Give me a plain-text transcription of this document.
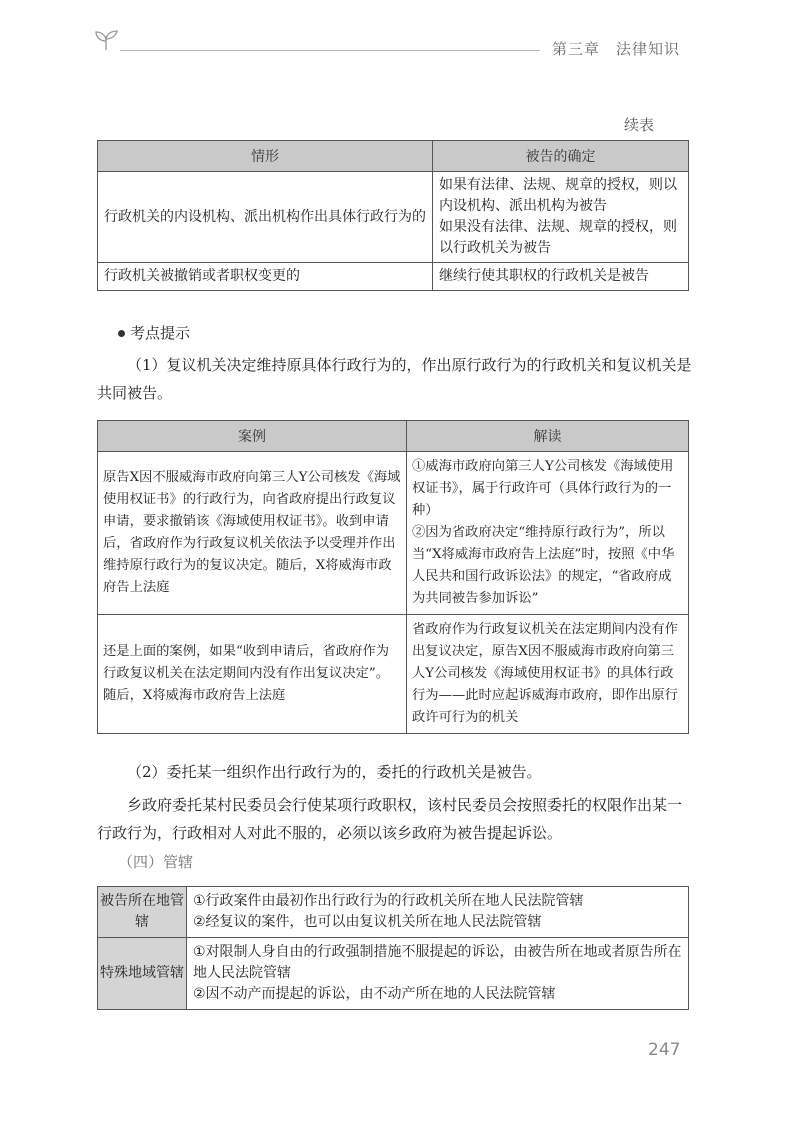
第三章 法律知识
续表
情形	被告的确定
行政机关的内设机构、派出机构作出具体行政行为的	如果有法律、法规、规章的授权，则以内设机构、派出机构为被告
如果没有法律、法规、规章的授权，则以行政机关为被告

行政机关被撤销或者职权变更的	继续行使其职权的行政机关是被告
考点提示
（1）复议机关决定维持原具体行政行为的，作出原行政行为的行政机关和复议机关是共同被告。
案例	解读
原告X因不服威海市政府向第三人Y公司核发《海域使用权证书》的行政行为，向省政府提出行政复议申请，要求撤销该《海域使用权证书》。收到申请后，省政府作为行政复议机关依法予以受理并作出维持原行政行为的复议决定。随后，X将威海市政府告上法庭	①威海市政府向第三人Y公司核发《海域使用权证书》，属于行政许可（具体行政行为的一种）
②因为省政府决定“维持原行政行为”，所以当“X将威海市政府告上法庭”时，按照《中华人民共和国行政诉讼法》的规定，“省政府成为共同被告参加诉讼”

还是上面的案例，如果“收到申请后，省政府作为行政复议机关在法定期间内没有作出复议决定”。随后，X将威海市政府告上法庭	省政府作为行政复议机关在法定期间内没有作出复议决定，原告X因不服威海市政府向第三人Y公司核发《海域使用权证书》的具体行政行为——此时应起诉威海市政府，即作出原行政许可行为的机关
（2）委托某一组织作出行政行为的，委托的行政机关是被告。
乡政府委托某村民委员会行使某项行政职权，该村民委员会按照委托的权限作出某一行政行为，行政相对人对此不服的，必须以该乡政府为被告提起诉讼。
（四）管辖
被告所在地管辖	①行政案件由最初作出行政行为的行政机关所在地人民法院管辖
②经复议的案件，也可以由复议机关所在地人民法院管辖

特殊地域管辖	①对限制人身自由的行政强制措施不服提起的诉讼，由被告所在地或者原告所在地人民法院管辖
②因不动产而提起的诉讼，由不动产所在地的人民法院管辖
247
